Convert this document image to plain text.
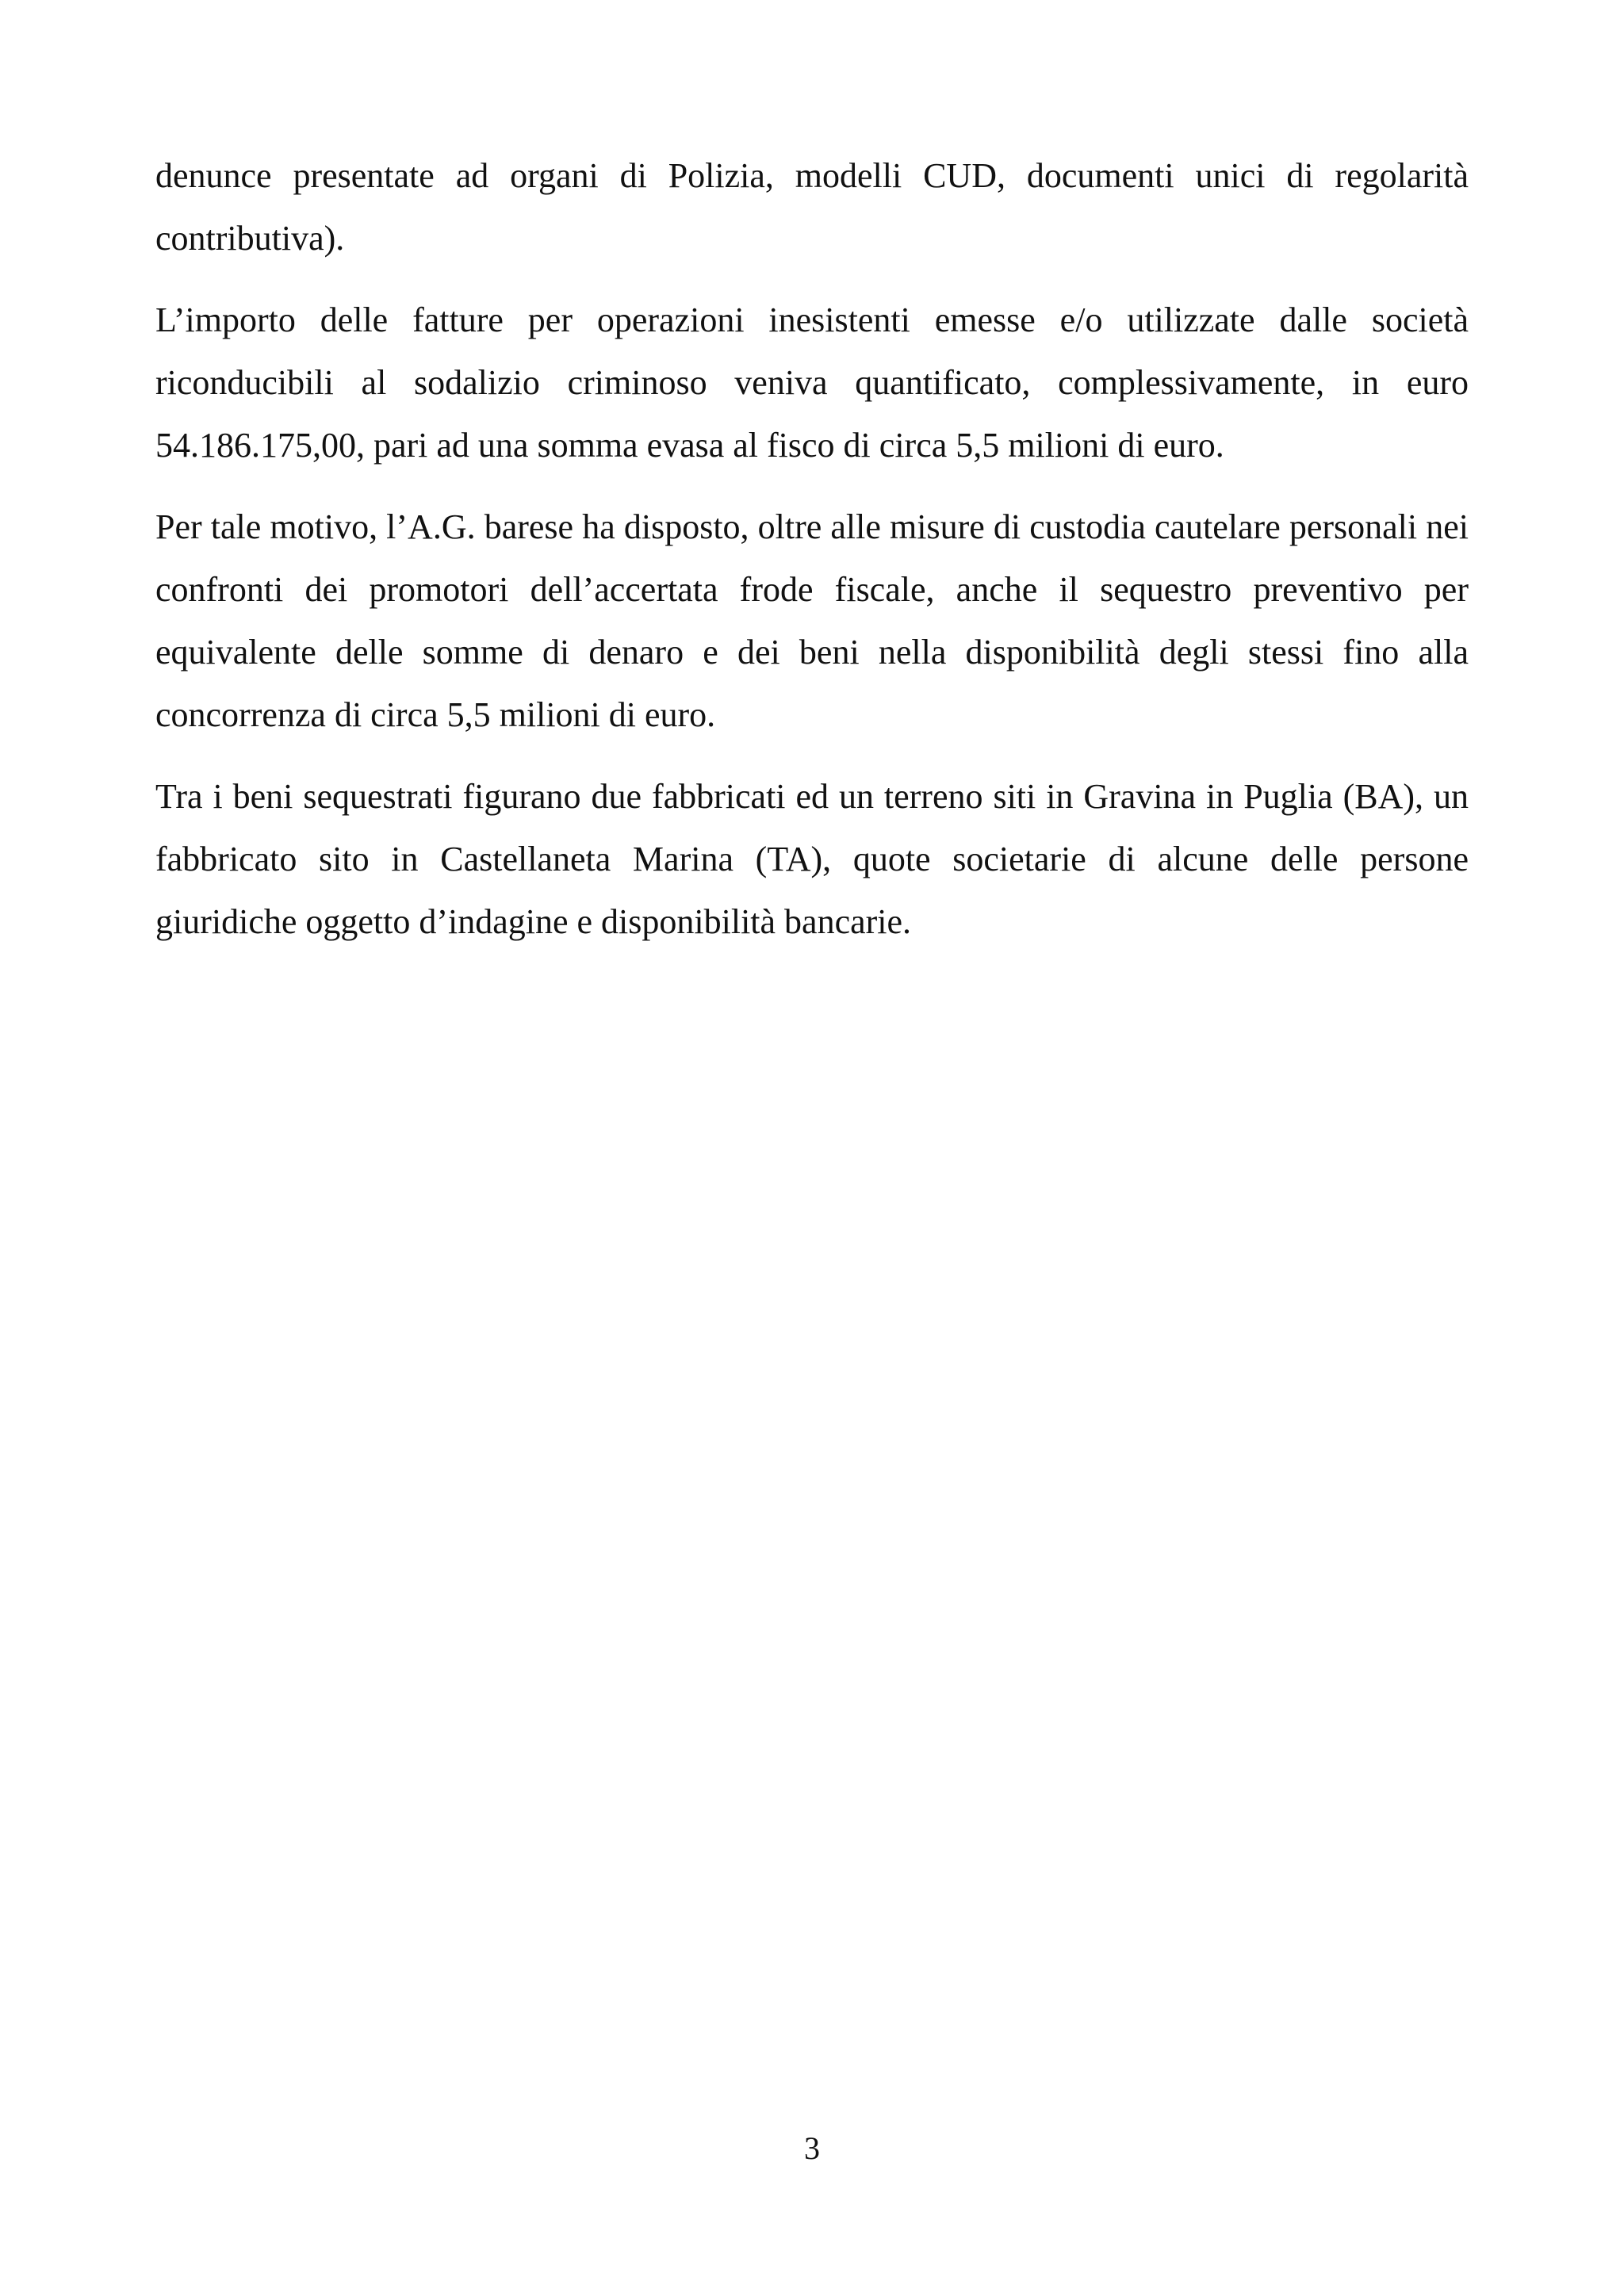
denunce presentate ad organi di Polizia, modelli CUD, documenti unici di regolarità contributiva).

L’importo delle fatture per operazioni inesistenti emesse e/o utilizzate dalle società riconducibili al sodalizio criminoso veniva quantificato, complessivamente, in euro 54.186.175,00, pari ad una somma evasa al fisco di circa 5,5 milioni di euro.

Per tale motivo, l’A.G. barese ha disposto, oltre alle misure di custodia cautelare personali nei confronti dei promotori dell’accertata frode fiscale, anche il sequestro preventivo per equivalente delle somme di denaro e dei beni nella disponibilità degli stessi fino alla concorrenza di circa 5,5 milioni di euro.

Tra i beni sequestrati figurano due fabbricati ed un terreno siti in Gravina in Puglia (BA), un fabbricato sito in Castellaneta Marina (TA), quote societarie di alcune delle persone giuridiche oggetto d’indagine e disponibilità bancarie.

3
